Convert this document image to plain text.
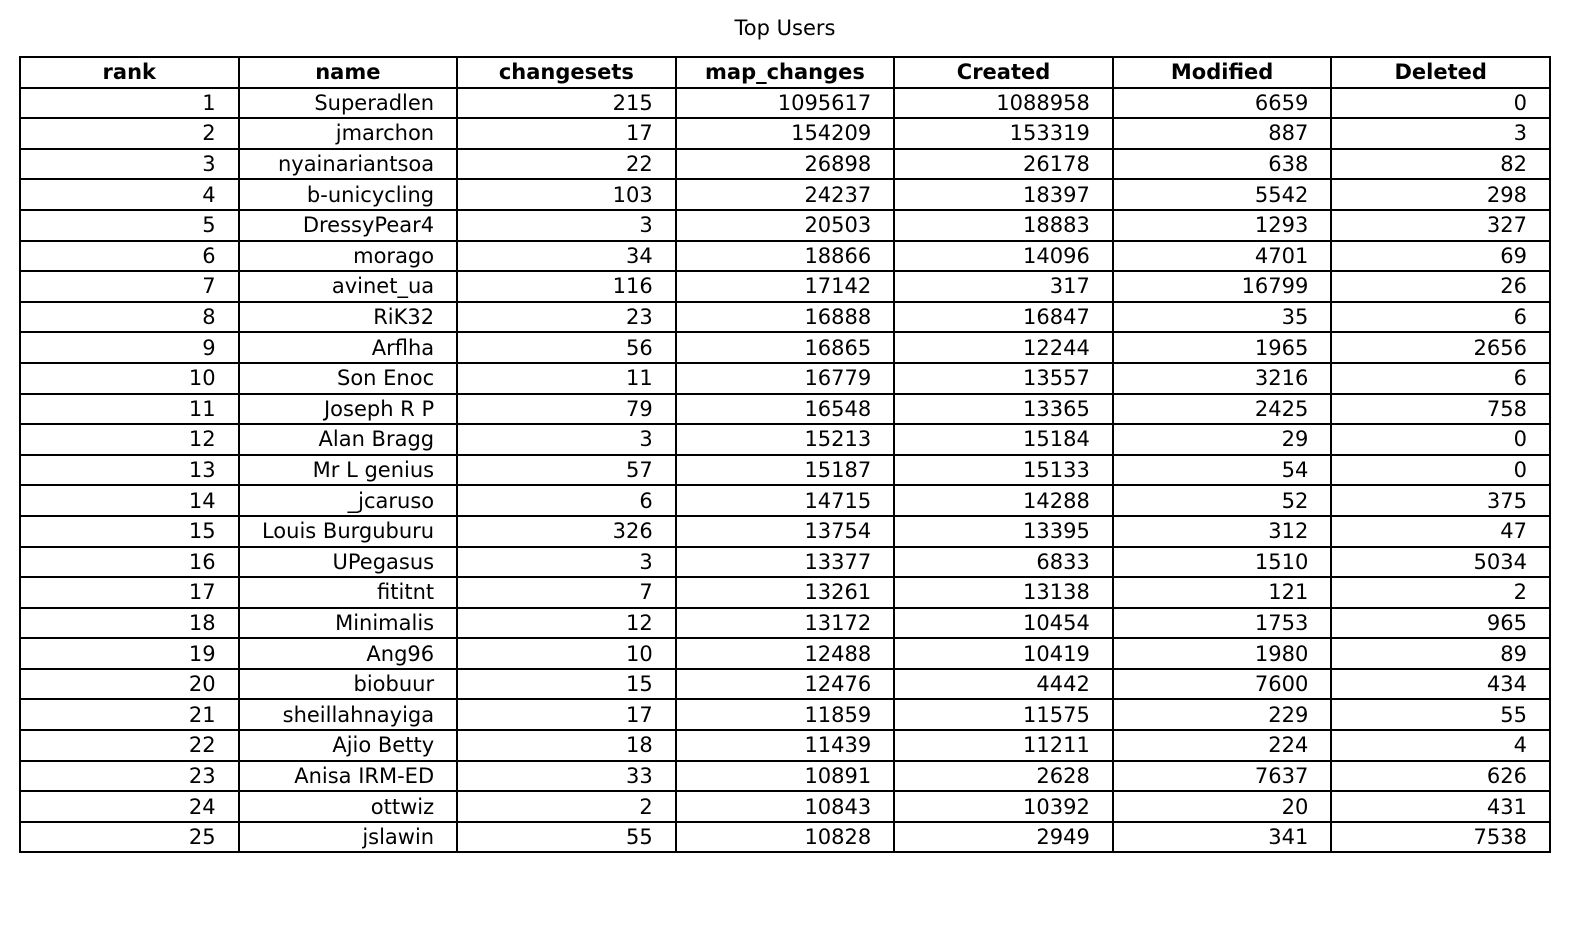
Top Users
rank	name	changesets	map_changes	Created	Modified	Deleted
1	Superadlen	215	1095617	1088958	6659	0
2	jmarchon	17	154209	153319	887	3
3	nyainariantsoa	22	26898	26178	638	82
4	b-unicycling	103	24237	18397	5542	298
5	DressyPear4	3	20503	18883	1293	327
6	morago	34	18866	14096	4701	69
7	avinet_ua	116	17142	317	16799	26
8	RiK32	23	16888	16847	35	6
9	Arflha	56	16865	12244	1965	2656
10	Son Enoc	11	16779	13557	3216	6
11	Joseph R P	79	16548	13365	2425	758
12	Alan Bragg	3	15213	15184	29	0
13	Mr L genius	57	15187	15133	54	0
14	_jcaruso	6	14715	14288	52	375
15	Louis Burguburu	326	13754	13395	312	47
16	UPegasus	3	13377	6833	1510	5034
17	fititnt	7	13261	13138	121	2
18	Minimalis	12	13172	10454	1753	965
19	Ang96	10	12488	10419	1980	89
20	biobuur	15	12476	4442	7600	434
21	sheillahnayiga	17	11859	11575	229	55
22	Ajio Betty	18	11439	11211	224	4
23	Anisa IRM-ED	33	10891	2628	7637	626
24	ottwiz	2	10843	10392	20	431
25	jslawin	55	10828	2949	341	7538
